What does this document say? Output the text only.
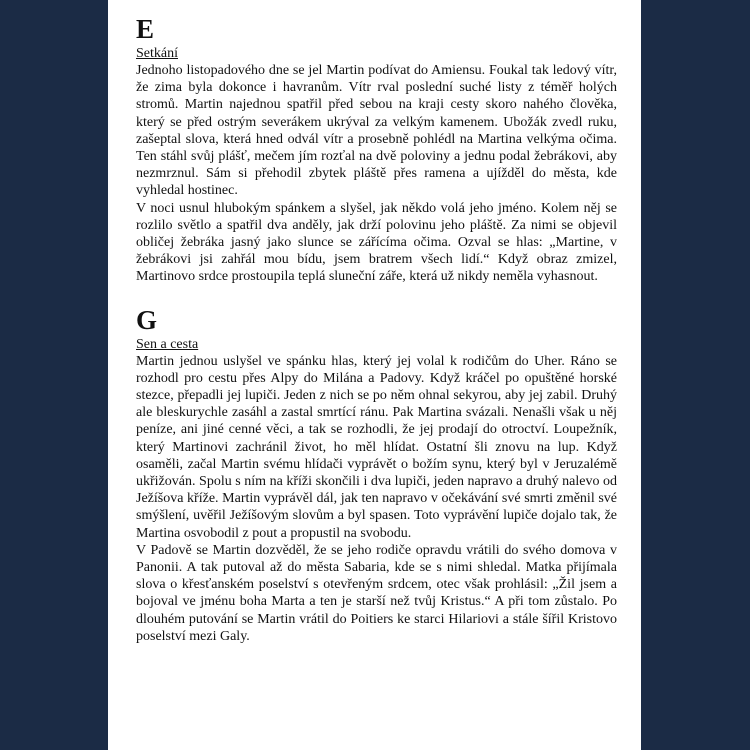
E
Setkání

Jednoho listopadového dne se jel Martin podívat do Amiensu. Foukal tak ledový vítr, že zima byla dokonce i havranům. Vítr rval poslední suché listy z téměř holých stromů. Martin najednou spatřil před sebou na kraji cesty skoro nahého člověka, který se před ostrým severákem ukrýval za velkým kamenem. Ubožák zvedl ruku, zašeptal slova, která hned odvál vítr a prosebně pohlédl na Martina velkýma očima. Ten stáhl svůj plášť, mečem jím rozťal na dvě poloviny a jednu podal žebrákovi, aby nezmrznul. Sám si přehodil zbytek pláště přes ramena a ujížděl do města, kde vyhledal hostinec.

V noci usnul hlubokým spánkem a slyšel, jak někdo volá jeho jméno. Kolem něj se rozlilo světlo a spatřil dva anděly, jak drží polovinu jeho pláště. Za nimi se objevil obličej žebráka jasný jako slunce se zářícíma očima. Ozval se hlas: „Martine, v žebrákovi jsi zahřál mou bídu, jsem bratrem všech lidí.“ Když obraz zmizel, Martinovo srdce prostoupila teplá sluneční záře, která už nikdy neměla vyhasnout.

G
Sen a cesta

Martin jednou uslyšel ve spánku hlas, který jej volal k rodičům do Uher. Ráno se rozhodl pro cestu přes Alpy do Milána a Padovy. Když kráčel po opuštěné horské stezce, přepadli jej lupiči. Jeden z nich se po něm ohnal sekyrou, aby jej zabil. Druhý ale bleskurychle zasáhl a zastal smrtící ránu. Pak Martina svázali. Nenašli však u něj peníze, ani jiné cenné věci, a tak se rozhodli, že jej prodají do otroctví. Loupežník, který Martinovi zachránil život, ho měl hlídat. Ostatní šli znovu na lup. Když osaměli, začal Martin svému hlídači vyprávět o božím synu, který byl v Jeruzalémě ukřižován. Spolu s ním na kříži skončili i dva lupiči, jeden napravo a druhý nalevo od Ježíšova kříže. Martin vyprávěl dál, jak ten napravo v očekávání své smrti změnil své smýšlení, uvěřil Ježíšovým slovům a byl spasen. Toto vyprávění lupiče dojalo tak, že Martina osvobodil z pout a propustil na svobodu.

V Padově se Martin dozvěděl, že se jeho rodiče opravdu vrátili do svého domova v Panonii. A tak putoval až do města Sabaria, kde se s nimi shledal. Matka přijímala slova o křesťanském poselství s otevřeným srdcem, otec však prohlásil: „Žil jsem a bojoval ve jménu boha Marta a ten je starší než tvůj Kristus.“ A při tom zůstalo. Po dlouhém putování se Martin vrátil do Poitiers ke starci Hilariovi a stále šířil Kristovo poselství mezi Galy.
